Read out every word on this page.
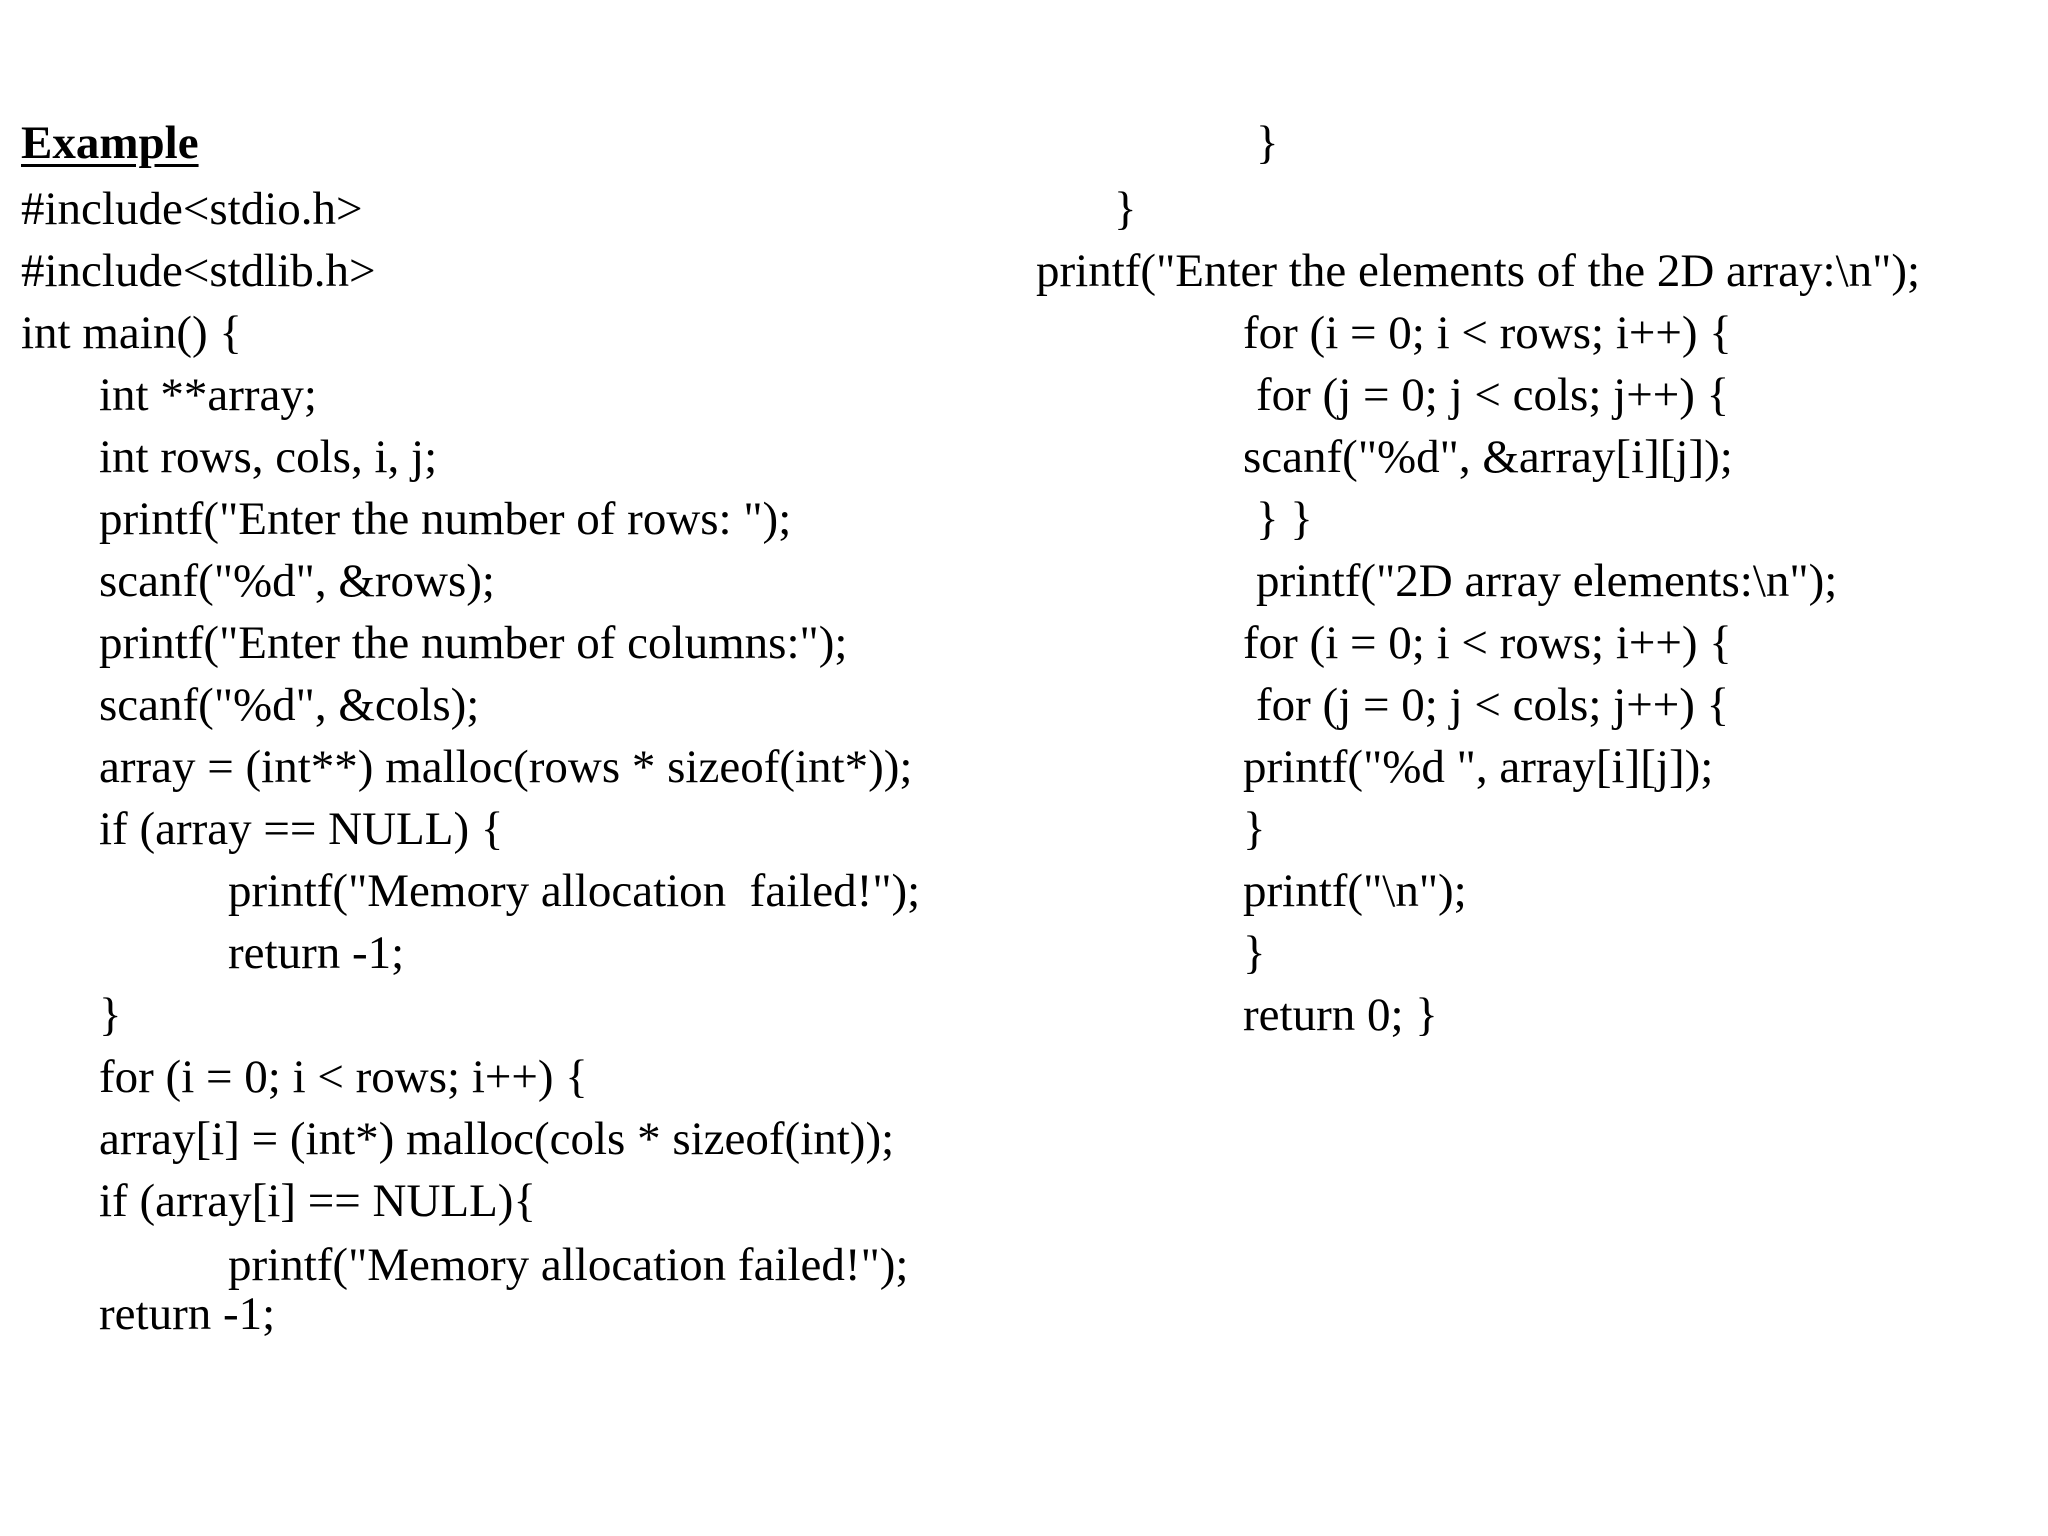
Example
#include<stdio.h>
#include<stdlib.h>
int main() {
int **array;
int rows, cols, i, j;
printf("Enter the number of rows: ");
scanf("%d", &rows);
printf("Enter the number of columns:");
scanf("%d", &cols);
array = (int**) malloc(rows * sizeof(int*));
if (array == NULL) {
printf("Memory allocation  failed!");
return -1;
}
for (i = 0; i < rows; i++) {
array[i] = (int*) malloc(cols * sizeof(int));
if (array[i] == NULL){
printf("Memory allocation failed!");
return -1;
}
}
printf("Enter the elements of the 2D array:\n");
for (i = 0; i < rows; i++) {
for (j = 0; j < cols; j++) {
scanf("%d", &array[i][j]);
} }
printf("2D array elements:\n");
for (i = 0; i < rows; i++) {
for (j = 0; j < cols; j++) {
printf("%d ", array[i][j]);
}
printf("\n");
}
return 0; }
